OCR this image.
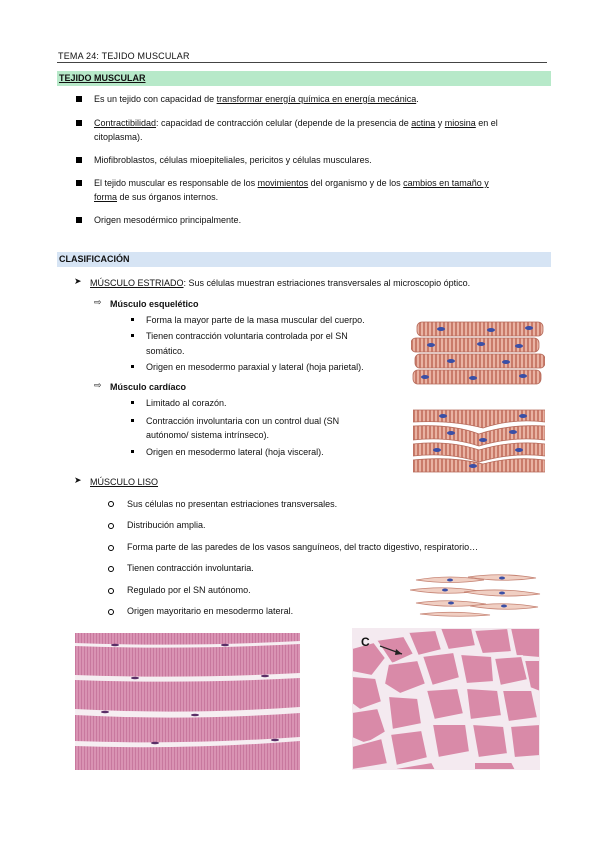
TEMA 24: TEJIDO MUSCULAR
TEJIDO MUSCULAR
Es un tejido con capacidad de transformar energía química en energía mecánica.
Contractibilidad: capacidad de contracción celular (depende de la presencia de actina y miosina en el
citoplasma).
Miofibroblastos, células mioepiteliales, pericitos y células musculares.
El tejido muscular es responsable de los movimientos del organismo y de los cambios en tamaño y
forma de sus órganos internos.
Origen mesodérmico principalmente.
CLASIFICACIÓN
➤ MÚSCULO ESTRIADO: Sus células muestran estriaciones transversales al microscopio óptico.
⇨ Músculo esquelético
Forma la mayor parte de la masa muscular del cuerpo.
Tienen contracción voluntaria controlada por el SN
somático.
Origen en mesodermo paraxial y lateral (hoja parietal).
⇨ Músculo cardíaco
Limitado al corazón.
Contracción involuntaria con un control dual (SN
autónomo/ sistema intrínseco).
Origen en mesodermo lateral (hoja visceral).
➤ MÚSCULO LISO
Sus células no presentan estriaciones transversales.
Distribución amplia.
Forma parte de las paredes de los vasos sanguíneos, del tracto digestivo, respiratorio…
Tienen contracción involuntaria.
Regulado por el SN autónomo.
Origen mayoritario en mesodermo lateral.
C
